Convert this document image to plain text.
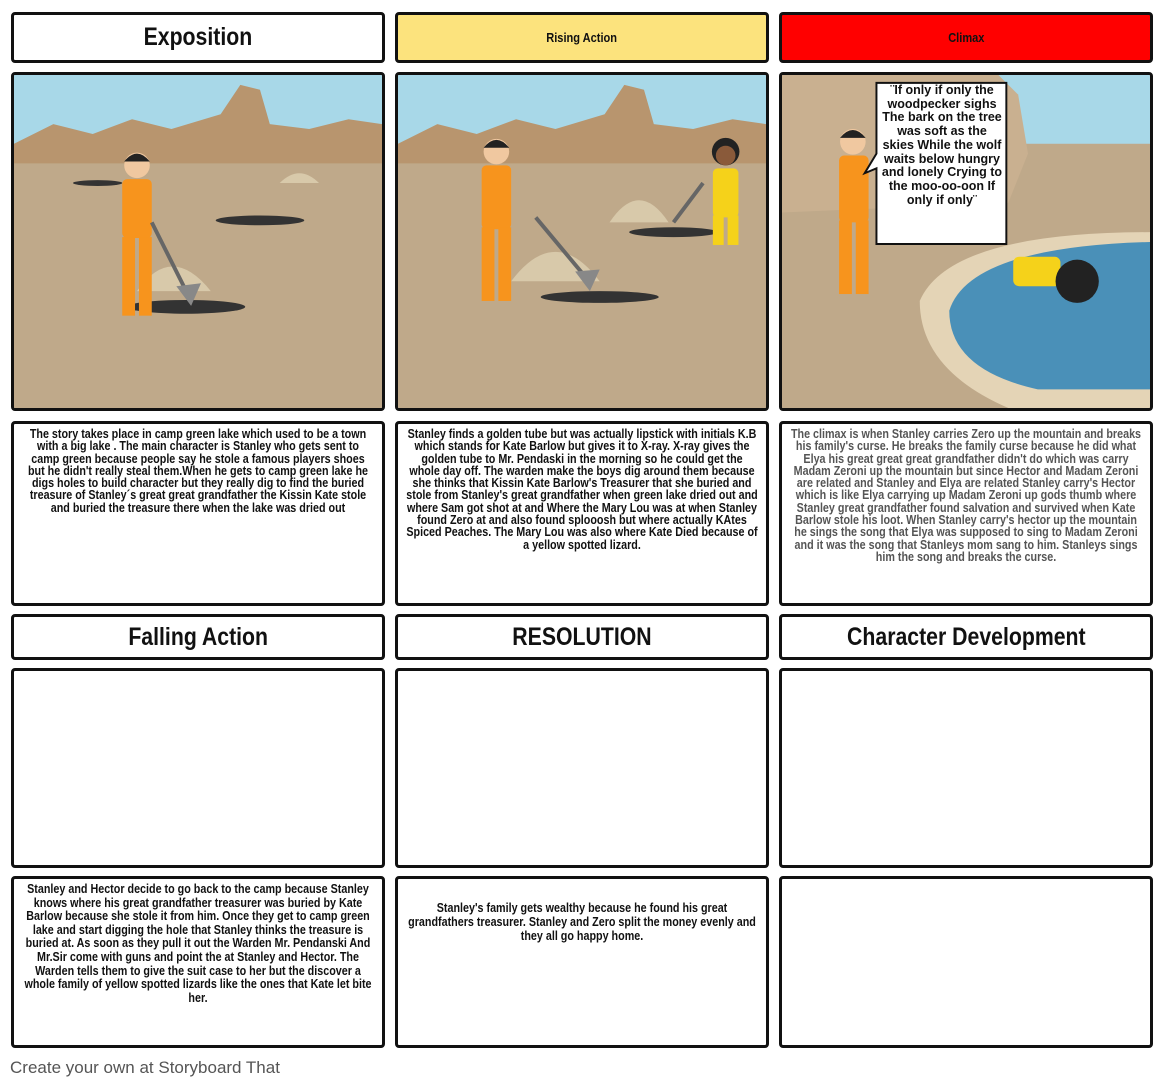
Exposition	Rising Action	Climax
¨If only if only the woodpecker sighs The bark on the tree was soft as the skies While the wolf waits below hungry and lonely Crying to the moo-oo-oon If only if only¨
The story takes place in camp green lake which used to be a town with a big lake . The main character is Stanley who gets sent to camp green because people say he stole a famous players shoes but he didn't really steal them.When he gets to camp green lake he digs holes to build character but they really dig to find the buried treasure of Stanley´s great great grandfather the Kissin Kate stole and buried the treasure there when the lake was dried out
Stanley finds a golden tube but was actually lipstick with initials K.B which stands for Kate Barlow but gives it to X-ray. X-ray gives the golden tube to Mr. Pendaski in the morning so he could get the whole day off. The warden make the boys dig around them because she thinks that Kissin Kate Barlow's Treasurer that she buried and stole from Stanley's great grandfather when green lake dried out and where Sam got shot at and Where the Mary Lou was at when Stanley found Zero at and also found splooosh but where actually KAtes Spiced Peaches. The Mary Lou was also where Kate Died because of a yellow spotted lizard.
The climax is when Stanley carries Zero up the mountain and breaks his family's curse. He breaks the family curse because he did what Elya his great great great grandfather didn't do which was carry Madam Zeroni up the mountain but since Hector and Madam Zeroni are related and Stanley and Elya are related Stanley carry's Hector which is like Elya carrying up Madam Zeroni up gods thumb where Stanley great grandfather found salvation and survived when Kate Barlow stole his loot. When Stanley carry's hector up the mountain he sings the song that Elya was supposed to sing to Madam Zeroni and it was the song that Stanleys mom sang to him. Stanleys sings him the song and breaks the curse.
Falling Action	RESOLUTION	Character Development
Stanley and Hector decide to go back to the camp because Stanley knows where his great grandfather treasurer was buried by Kate Barlow because she stole it from him. Once they get to camp green lake and start digging the hole that Stanley thinks the treasure is buried at. As soon as they pull it out the Warden Mr. Pendanski And Mr.Sir come with guns and point the at Stanley and Hector. The Warden tells them to give the suit case to her but the discover a whole family of yellow spotted lizards like the ones that Kate let bite her.
Stanley's family gets wealthy because he found his great grandfathers treasurer. Stanley and Zero split the money evenly and they all go happy home.
Create your own at Storyboard That
